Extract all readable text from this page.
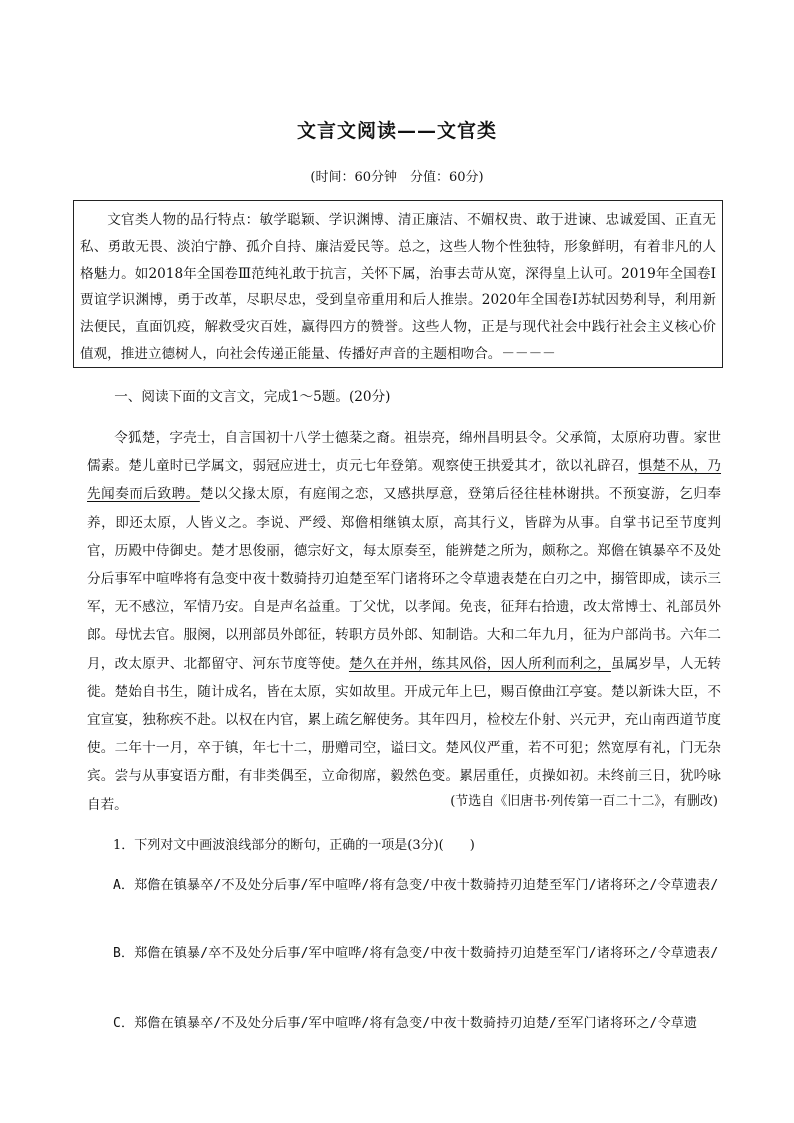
文言文阅读——文官类
(时间：60分钟　分值：60分)
文官类人物的品行特点：敏学聪颖、学识渊博、清正廉洁、不媚权贵、敢于进谏、忠诚爱国、正直无私、勇敢无畏、淡泊宁静、孤介自持、廉洁爱民等。总之，这些人物个性独特，形象鲜明，有着非凡的人格魅力。如2018年全国卷Ⅲ范纯礼敢于抗言，关怀下属，治事去苛从宽，深得皇上认可。2019年全国卷Ⅰ贾谊学识渊博，勇于改革，尽职尽忠，受到皇帝重用和后人推崇。2020年全国卷Ⅰ苏轼因势利导，利用新法便民，直面饥疫，解救受灾百姓，赢得四方的赞誉。这些人物，正是与现代社会中践行社会主义核心价值观，推进立德树人，向社会传递正能量、传播好声音的主题相吻合。－－－－
一、阅读下面的文言文，完成1～5题。(20分)
令狐楚，字壳士，自言国初十八学士德棻之裔。祖崇亮，绵州昌明县令。父承简，太原府功曹。家世儒素。楚儿童时已学属文，弱冠应进士，贞元七年登第。观察使王拱爱其才，欲以礼辟召，惧楚不从，乃先闻奏而后致聘。楚以父掾太原，有庭闱之恋，又感拱厚意，登第后径往桂林谢拱。不预宴游，乞归奉养，即还太原，人皆义之。李说、严绶、郑儋相继镇太原，高其行义，皆辟为从事。自掌书记至节度判官，历殿中侍御史。楚才思俊丽，德宗好文，每太原奏至，能辨楚之所为，颇称之。郑儋在镇暴卒不及处分后事军中喧哗将有急变中夜十数骑持刃迫楚至军门诸将环之令草遗表楚在白刃之中，搦管即成，读示三军，无不感泣，军情乃安。自是声名益重。丁父忧，以孝闻。免丧，征拜右拾遗，改太常博士、礼部员外郎。母忧去官。服阕，以刑部员外郎征，转职方员外郎、知制诰。大和二年九月，征为户部尚书。六年二月，改太原尹、北都留守、河东节度等使。楚久在并州，练其风俗，因人所利而利之，虽属岁旱，人无转徙。楚始自书生，随计成名，皆在太原，实如故里。开成元年上巳，赐百僚曲江亭宴。楚以新诛大臣，不宜宣宴，独称疾不赴。以权在内官，累上疏乞解使务。其年四月，检校左仆射、兴元尹，充山南西道节度使。二年十一月，卒于镇，年七十二，册赠司空，谥曰文。楚风仪严重，若不可犯；然宽厚有礼，门无杂宾。尝与从事宴语方酣，有非类偶至，立命彻席，毅然色变。累居重任，贞操如初。未终前三日，犹吟咏自若。	(节选自《旧唐书·列传第一百二十二》，有删改)
1．下列对文中画波浪线部分的断句，正确的一项是(3分)(　　)
A．郑儋在镇暴卒/不及处分后事/军中喧哗/将有急变/中夜十数骑持刃迫楚至军门/诸将环之/令草遗表/
B．郑儋在镇暴/卒不及处分后事/军中喧哗/将有急变/中夜十数骑持刃迫楚至军门/诸将环之/令草遗表/
C．郑儋在镇暴卒/不及处分后事/军中喧哗/将有急变/中夜十数骑持刃迫楚/至军门诸将环之/令草遗
